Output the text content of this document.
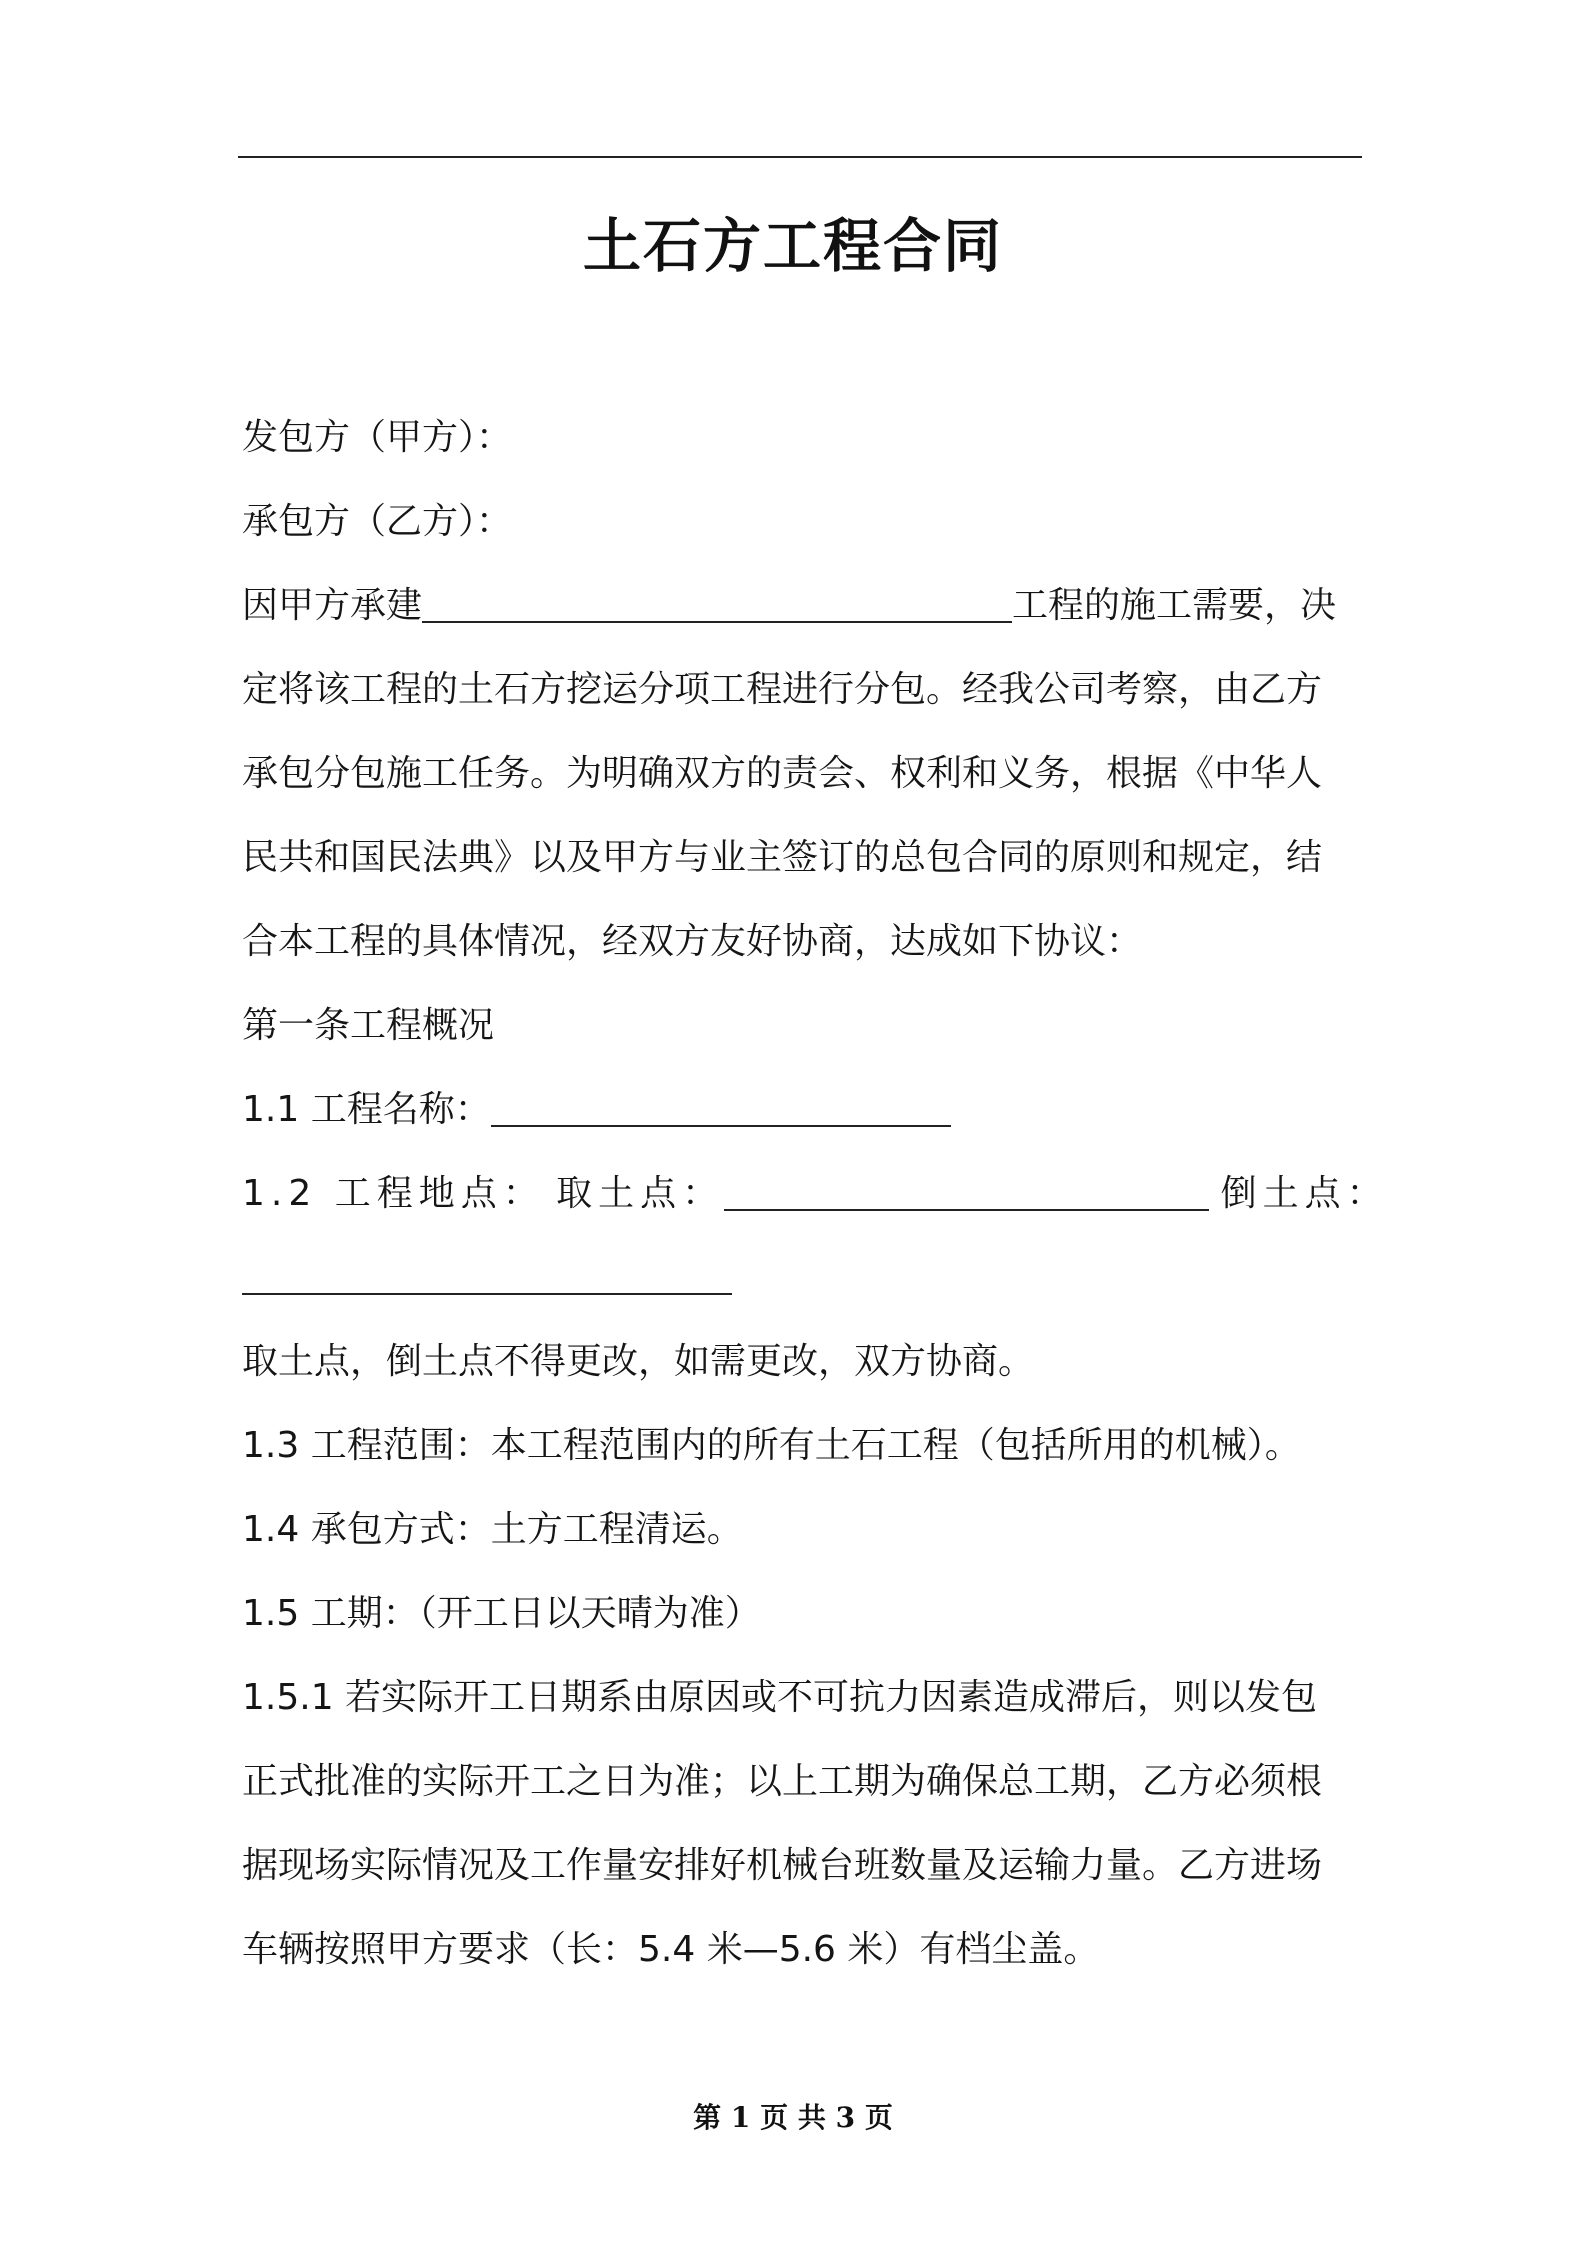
土石方工程合同
发包方（甲方）：
承包方（乙方）：
因甲方承建	工程的施工需要，决
定将该工程的土石方挖运分项工程进行分包。经我公司考察，由乙方
承包分包施工任务。为明确双方的责会、权利和义务，根据《中华人
民共和国民法典》以及甲方与业主签订的总包合同的原则和规定，结
合本工程的具体情况，经双方友好协商，达成如下协议：
第一条工程概况
1.1 工程名称：
1.2 工程地点： 取土点：	倒土点：
取土点，倒土点不得更改，如需更改，双方协商。
1.3 工程范围：本工程范围内的所有土石工程（包括所用的机械）。
1.4 承包方式：土方工程清运。
1.5 工期：（开工日以天晴为准）
1.5.1 若实际开工日期系由原因或不可抗力因素造成滞后，则以发包
正式批准的实际开工之日为准；以上工期为确保总工期，乙方必须根
据现场实际情况及工作量安排好机械台班数量及运输力量。乙方进场
车辆按照甲方要求（长：5.4 米—5.6 米）有档尘盖。
第 1 页 共 3 页
